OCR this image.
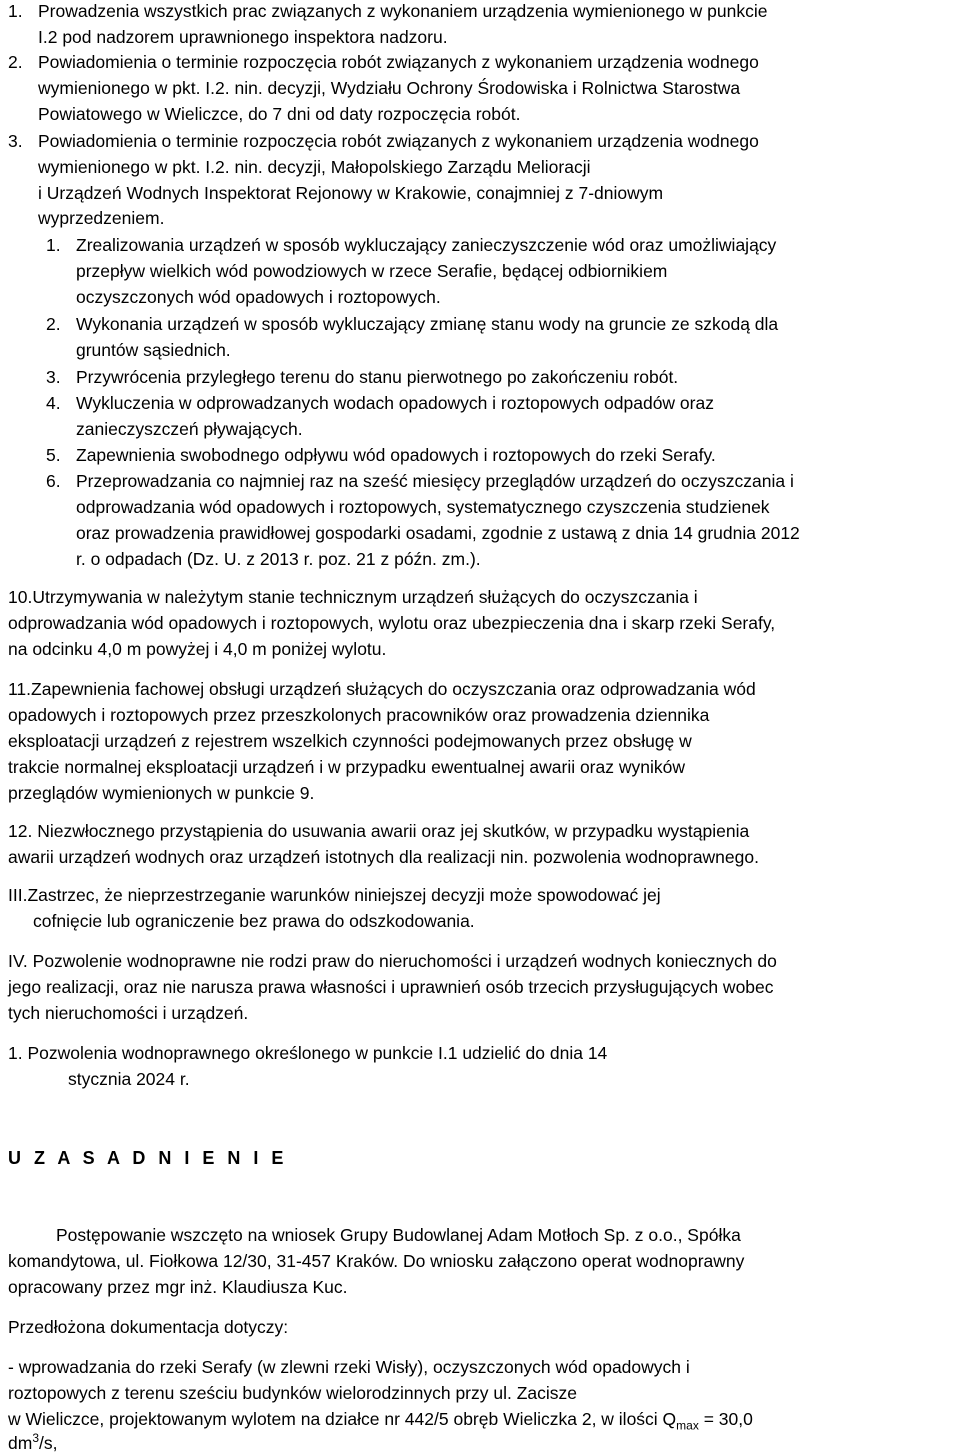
1. Prowadzenia wszystkich prac związanych z wykonaniem urządzenia wymienionego w punkcie
I.2 pod nadzorem uprawnionego inspektora nadzoru.
2. Powiadomienia o terminie rozpoczęcia robót związanych z wykonaniem urządzenia wodnego
wymienionego w pkt. I.2. nin. decyzji, Wydziału Ochrony Środowiska i Rolnictwa Starostwa
Powiatowego w Wieliczce, do 7 dni od daty rozpoczęcia robót.
3. Powiadomienia o terminie rozpoczęcia robót związanych z wykonaniem urządzenia wodnego
wymienionego w pkt. I.2. nin. decyzji, Małopolskiego Zarządu Melioracji
i Urządzeń Wodnych Inspektorat Rejonowy w Krakowie, conajmniej z 7-dniowym
wyprzedzeniem.
1. Zrealizowania urządzeń w sposób wykluczający zanieczyszczenie wód oraz umożliwiający
przepływ wielkich wód powodziowych w rzece Serafie, będącej odbiornikiem
oczyszczonych wód opadowych i roztopowych.
2. Wykonania urządzeń w sposób wykluczający zmianę stanu wody na gruncie ze szkodą dla
gruntów sąsiednich.
3. Przywrócenia przyległego terenu do stanu pierwotnego po zakończeniu robót.
4. Wykluczenia w odprowadzanych wodach opadowych i roztopowych odpadów oraz
zanieczyszczeń pływających.
5. Zapewnienia swobodnego odpływu wód opadowych i roztopowych do rzeki Serafy.
6. Przeprowadzania co najmniej raz na sześć miesięcy przeglądów urządzeń do oczyszczania i
odprowadzania wód opadowych i roztopowych, systematycznego czyszczenia studzienek
oraz prowadzenia prawidłowej gospodarki osadami, zgodnie z ustawą z dnia 14 grudnia 2012
r. o odpadach (Dz. U. z 2013 r. poz. 21 z późn. zm.).
10.Utrzymywania w należytym stanie technicznym urządzeń służących do oczyszczania i
odprowadzania wód opadowych i roztopowych, wylotu oraz ubezpieczenia dna i skarp rzeki Serafy,
na odcinku 4,0 m powyżej i 4,0 m poniżej wylotu.
11.Zapewnienia fachowej obsługi urządzeń służących do oczyszczania oraz odprowadzania wód
opadowych i roztopowych przez przeszkolonych pracowników oraz prowadzenia dziennika
eksploatacji urządzeń z rejestrem wszelkich czynności podejmowanych przez obsługę w
trakcie normalnej eksploatacji urządzeń i w przypadku ewentualnej awarii oraz wyników
przeglądów wymienionych w punkcie 9.
12. Niezwłocznego przystąpienia do usuwania awarii oraz jej skutków, w przypadku wystąpienia
awarii urządzeń wodnych oraz urządzeń istotnych dla realizacji nin. pozwolenia wodnoprawnego.
III.Zastrzec, że nieprzestrzeganie warunków niniejszej decyzji może spowodować jej
cofnięcie lub ograniczenie bez prawa do odszkodowania.
IV. Pozwolenie wodnoprawne nie rodzi praw do nieruchomości i urządzeń wodnych koniecznych do
jego realizacji, oraz nie narusza prawa własności i uprawnień osób trzecich przysługujących wobec
tych nieruchomości i urządzeń.
1. Pozwolenia wodnoprawnego określonego w punkcie I.1 udzielić do dnia 14
stycznia 2024 r.
U Z A S A D N I E N I E
Postępowanie wszczęto na wniosek Grupy Budowlanej Adam Motłoch Sp. z o.o., Spółka
komandytowa, ul. Fiołkowa 12/30, 31-457 Kraków. Do wniosku załączono operat wodnoprawny
opracowany przez mgr inż. Klaudiusza Kuc.
Przedłożona dokumentacja dotyczy:
- wprowadzania do rzeki Serafy (w zlewni rzeki Wisły), oczyszczonych wód opadowych i
roztopowych z terenu sześciu budynków wielorodzinnych przy ul. Zacisze
w Wieliczce, projektowanym wylotem na działce nr 442/5 obręb Wieliczka 2, w ilości $Q_{max} = 30,0$
$dm^3/s$,
